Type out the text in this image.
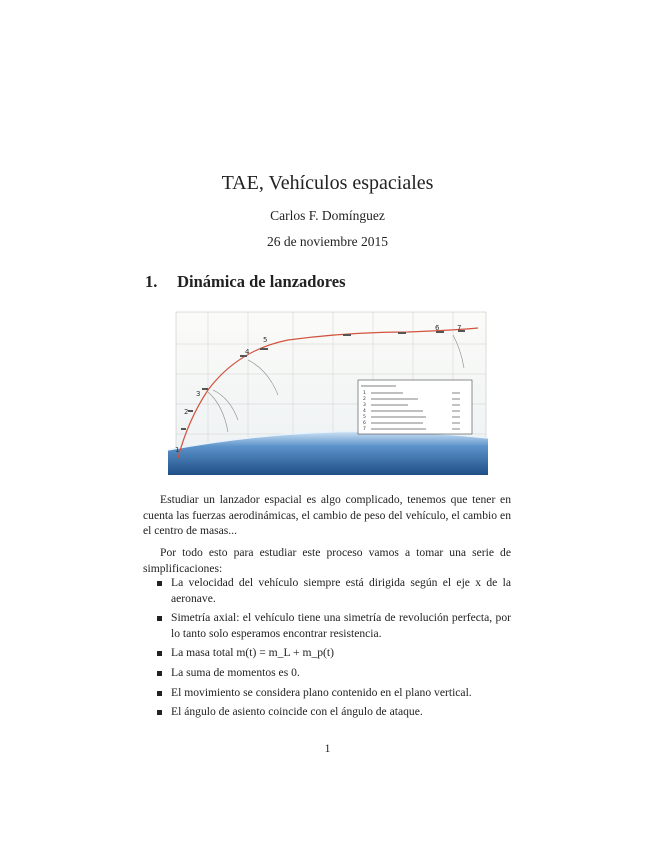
TAE, Vehículos espaciales
Carlos F. Domínguez
26 de noviembre 2015
1. Dinámica de lanzadores
1
2
3
4
5
6	7
1
2
3
4
5
6
7
Estudiar un lanzador espacial es algo complicado, tenemos que tener en cuenta las fuerzas aerodinámicas, el cambio de peso del vehículo, el cambio en el centro de masas...
Por todo esto para estudiar este proceso vamos a tomar una serie de simplificaciones:
La velocidad del vehículo siempre está dirigida según el eje x de la aeronave.
Simetría axial: el vehículo tiene una simetría de revolución perfecta, por lo tanto solo esperamos encontrar resistencia.
La masa total m(t) = m_L + m_p(t)
La suma de momentos es 0.
El movimiento se considera plano contenido en el plano vertical.
El ángulo de asiento coincide con el ángulo de ataque.
1
